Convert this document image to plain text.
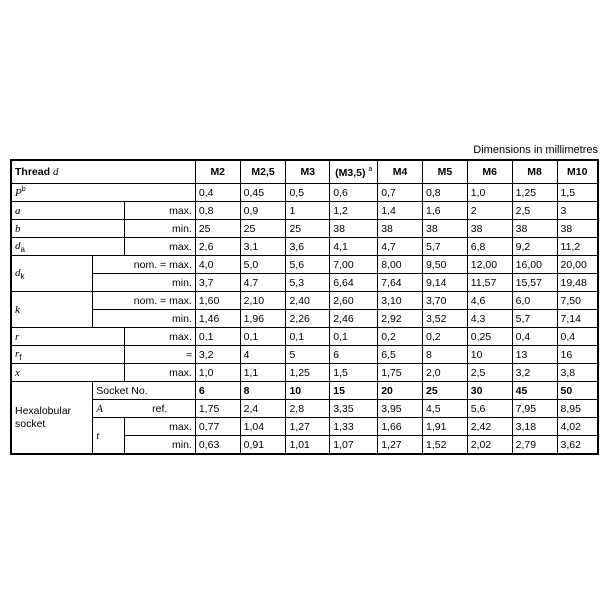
Dimensions in millimetres
Thread d			M2	M2,5	M3	(M3,5) $^a$	M4	M5	M6	M8	M10
$P^b$			0,4	0,45	0,5	0,6	0,7	0,8	1,0	1,25	1,5
a		max.	0,8	0,9	1	1,2	1,4	1,6	2	2,5	3
b		min.	25	25	25	38	38	38	38	38	38
$d_a$		max.	2,6	3,1	3,6	4,1	4,7	5,7	6,8	9,2	11,2
$d_k$	nom. = max.		4,0	5,0	5,6	7,00	8,00	9,50	12,00	16,00	20,00
	min.		3,7	4,7	5,3	6,64	7,64	9,14	11,57	15,57	19,48
k	nom. = max.		1,60	2,10	2,40	2,60	3,10	3,70	4,6	6,0	7,50
	min.		1,46	1,96	2,26	2,46	2,92	3,52	4,3	5,7	7,14
r		max.	0,1	0,1	0,1	0,1	0,2	0,2	0,25	0,4	0,4
$r_f$		≈	3,2	4	5	6	6,5	8	10	13	16
x		max.	1,0	1,1	1,25	1,5	1,75	2,0	2,5	3,2	3,8
Hexalobular
socket	Socket No.		6	8	10	15	20	25	30	45	50
	A	ref.	1,75	2,4	2,8	3,35	3,95	4,5	5,6	7,95	8,95
	t	max.	0,77	1,04	1,27	1,33	1,66	1,91	2,42	3,18	4,02
		min.	0,63	0,91	1,01	1,07	1,27	1,52	2,02	2,79	3,62
